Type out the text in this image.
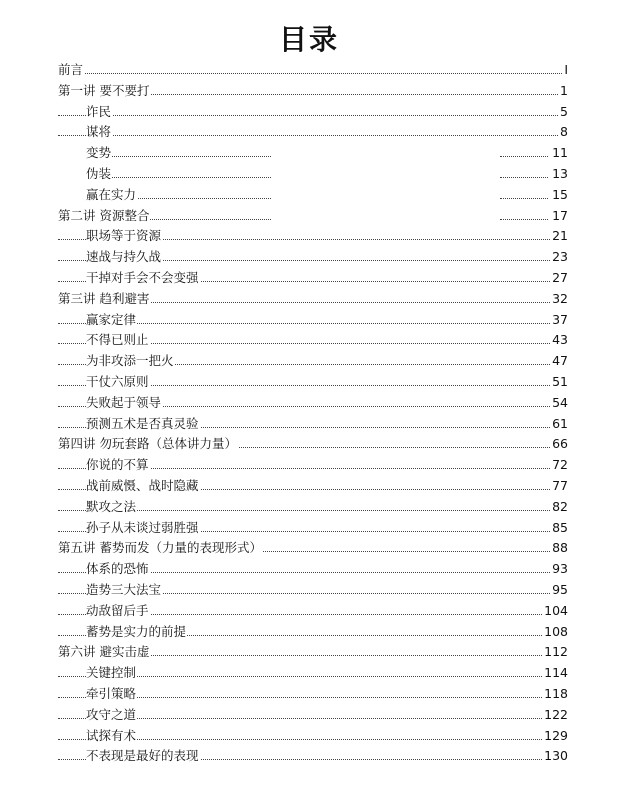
目录
前言	I
第一讲 要不要打	1
诈民	5
谋将	8
变势	11
伪装	13
赢在实力	15
第二讲 资源整合	17
职场等于资源	21
速战与持久战	23
干掉对手会不会变强	27
第三讲 趋利避害	32
赢家定律	37
不得已则止	43
为非攻添一把火	47
干仗六原则	51
失败起于领导	54
预测五术是否真灵验	61
第四讲 勿玩套路（总体讲力量）	66
你说的不算	72
战前威慑、战时隐藏	77
默攻之法	82
孙子从未谈过弱胜强	85
第五讲 蓄势而发（力量的表现形式）	88
体系的恐怖	93
造势三大法宝	95
动敌留后手	104
蓄势是实力的前提	108
第六讲 避实击虚	112
关键控制	114
牵引策略	118
攻守之道	122
试探有术	129
不表现是最好的表现	130
